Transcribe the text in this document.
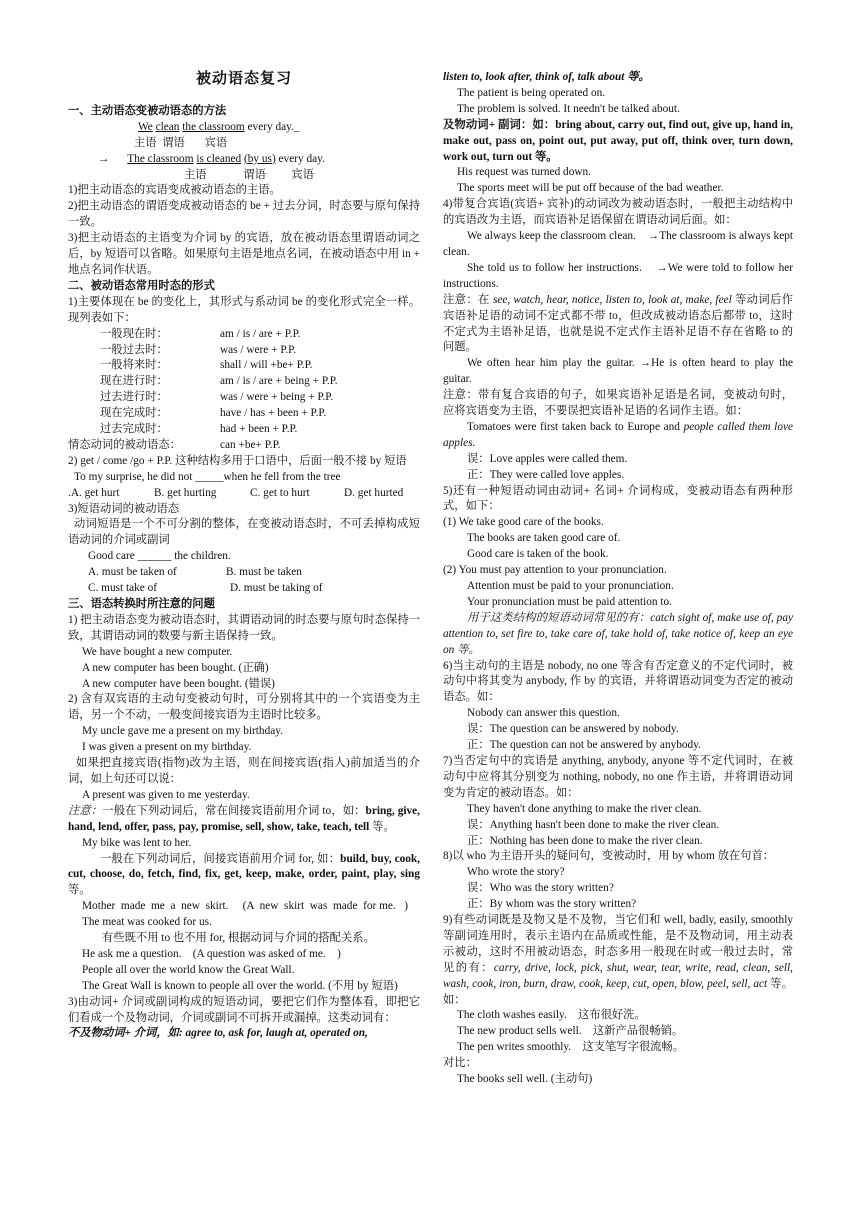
被动语态复习

一、主动语态变被动语态的方法

We clean the classroom every day._

主语  谓语       宾语

→ The classroom is cleaned (by us) every day.

主语             谓语         宾语

1)把主动语态的宾语变成被动语态的主语。

2)把主动语态的谓语变成被动语态的 be + 过去分词，时态要与原句保持一致。

3)把主动语态的主语变为介词 by 的宾语，放在被动语态里谓语动词之后，by 短语可以省略。如果原句主语是地点名词，在被动语态中用 in + 地点名词作状语。

二、被动语态常用时态的形式

1)主要体现在 be 的变化上，其形式与系动词 be 的变化形式完全一样。现列表如下：

一般现在时：	am / is / are + P.P.
一般过去时：	was / were + P.P.
一般将来时：	shall / will +be+ P.P.
现在进行时：	am / is / are + being + P.P.
过去进行时：	was / were + being + P.P.
现在完成时：	have / has + been + P.P.
过去完成时：	had + been + P.P.
情态动词的被动语态：	can +be+ P.P.

2) get / come /go + P.P. 这种结构多用于口语中，后面一般不接 by 短语

To my surprise, he did not _____when he fell from the tree

.A. get hurt	B. get hurting	C. get to hurt	D. get hurted

3)短语动词的被动语态

动词短语是一个不可分割的整体，在变被动语态时，不可丢掉构成短语动词的介词或副词

Good care ______ the children.

A. must be taken of	B. must be taken
C. must take of	D. must be taking of

三、语态转换时所注意的问题

1) 把主动语态变为被动语态时，其谓语动词的时态要与原句时态保持一致，其谓语动词的数要与新主语保持一致。

We have bought a new computer.

A new computer has been bought. (正确)

A new computer have been bought. (错误)

2) 含有双宾语的主动句变被动句时，可分别将其中的一个宾语变为主语，另一个不动，一般变间接宾语为主语时比较多。

My uncle gave me a present on my birthday.

I was given a present on my birthday.

如果把直接宾语(指物)改为主语，则在间接宾语(指人)前加适当的介词，如上句还可以说：

A present was given to me yesterday.

注意：一般在下列动词后，常在间接宾语前用介词 to，如：bring, give, hand, lend, offer, pass, pay, promise, sell, show, take, teach, tell 等。

My bike was lent to her.

一般在下列动词后，间接宾语前用介词 for, 如：build, buy, cook, cut, choose, do, fetch, find, fix, get, keep, make, order, paint, play, sing 等。

Mother  made  me  a  new  skirt.     (A  new  skirt  was  made  for me.   )

The meat was cooked for us.

有些既不用 to 也不用 for, 根据动词与介词的搭配关系。

He ask me a question.    (A question was asked of me.    )

People all over the world know the Great Wall.

The Great Wall is known to people all over the world. (不用 by 短语)

3)由动词+ 介词或副词构成的短语动词，要把它们作为整体看，即把它们看成一个及物动词，介词或副词不可拆开或漏掉。这类动词有：

不及物动词+ 介词，如: agree to, ask for, laugh at, operated on,

listen to, look after, think of, talk about 等。

The patient is being operated on.

The problem is solved. It needn't be talked about.

及物动词+ 副词：如：bring about, carry out, find out, give up, hand in, make out, pass on, point out, put away, put off, think over, turn down, work out, turn out 等。

His request was turned down.

The sports meet will be put off because of the bad weather.

4)带复合宾语(宾语+ 宾补)的动词改为被动语态时，一般把主动结构中的宾语改为主语，而宾语补足语保留在谓语动词后面。如：

We always keep the classroom clean. →The classroom is always kept clean.

She told us to follow her instructions. →We were told to follow her instructions.

注意：在 see, watch, hear, notice, listen to, look at, make, feel 等动词后作宾语补足语的动词不定式都不带 to，但改成被动语态后都带 to，这时不定式为主语补足语，也就是说不定式作主语补足语不存在省略 to 的问题。

We often hear him play the guitar. →He is often heard to play the guitar.

注意：带有复合宾语的句子，如果宾语补足语是名词，变被动句时，应将宾语变为主语，不要误把宾语补足语的名词作主语。如：

Tomatoes were first taken back to Europe and people called them love apples.

误：Love apples were called them.

正：They were called love apples.

5)还有一种短语动词由动词+ 名词+ 介词构成，变被动语态有两种形式，如下：

(1) We take good care of the books.

The books are taken good care of.

Good care is taken of the book.

(2) You must pay attention to your pronunciation.

Attention must be paid to your pronunciation.

Your pronunciation must be paid attention to.

用于这类结构的短语动词常见的有：catch sight of, make use of, pay attention to, set fire to, take care of, take hold of, take notice of, keep an eye on 等。

6)当主动句的主语是 nobody, no one 等含有否定意义的不定代词时，被动句中将其变为 anybody, 作 by 的宾语，并将谓语动词变为否定的被动语态。如：

Nobody can answer this question.

误：The question can be answered by nobody.

正：The question can not be answered by anybody.

7)当否定句中的宾语是 anything, anybody, anyone 等不定代词时，在被动句中应将其分别变为 nothing, nobody, no one 作主语，并将谓语动词变为肯定的被动语态。如：

They haven't done anything to make the river clean.

误：Anything hasn't been done to make the river clean.

正：Nothing has been done to make the river clean.

8)以 who 为主语开头的疑问句，变被动时，用 by whom 放在句首：

Who wrote the story?

误：Who was the story written?

正：By whom was the story written?

9)有些动词既是及物又是不及物，当它们和 well, badly, easily, smoothly 等副词连用时，表示主语内在品质或性能，是不及物动词，用主动表示被动，这时不用被动语态，时态多用一般现在时或一般过去时，常见的有：carry, drive, lock, pick, shut, wear, tear, write, read, clean, sell, wash, cook, iron, burn, draw, cook, keep, cut, open, blow, peel, sell, act 等。如：

The cloth washes easily.    这布很好洗。

The new product sells well.    这新产品很畅销。

The pen writes smoothly.    这支笔写字很流畅。

对比：

The books sell well. (主动句)
